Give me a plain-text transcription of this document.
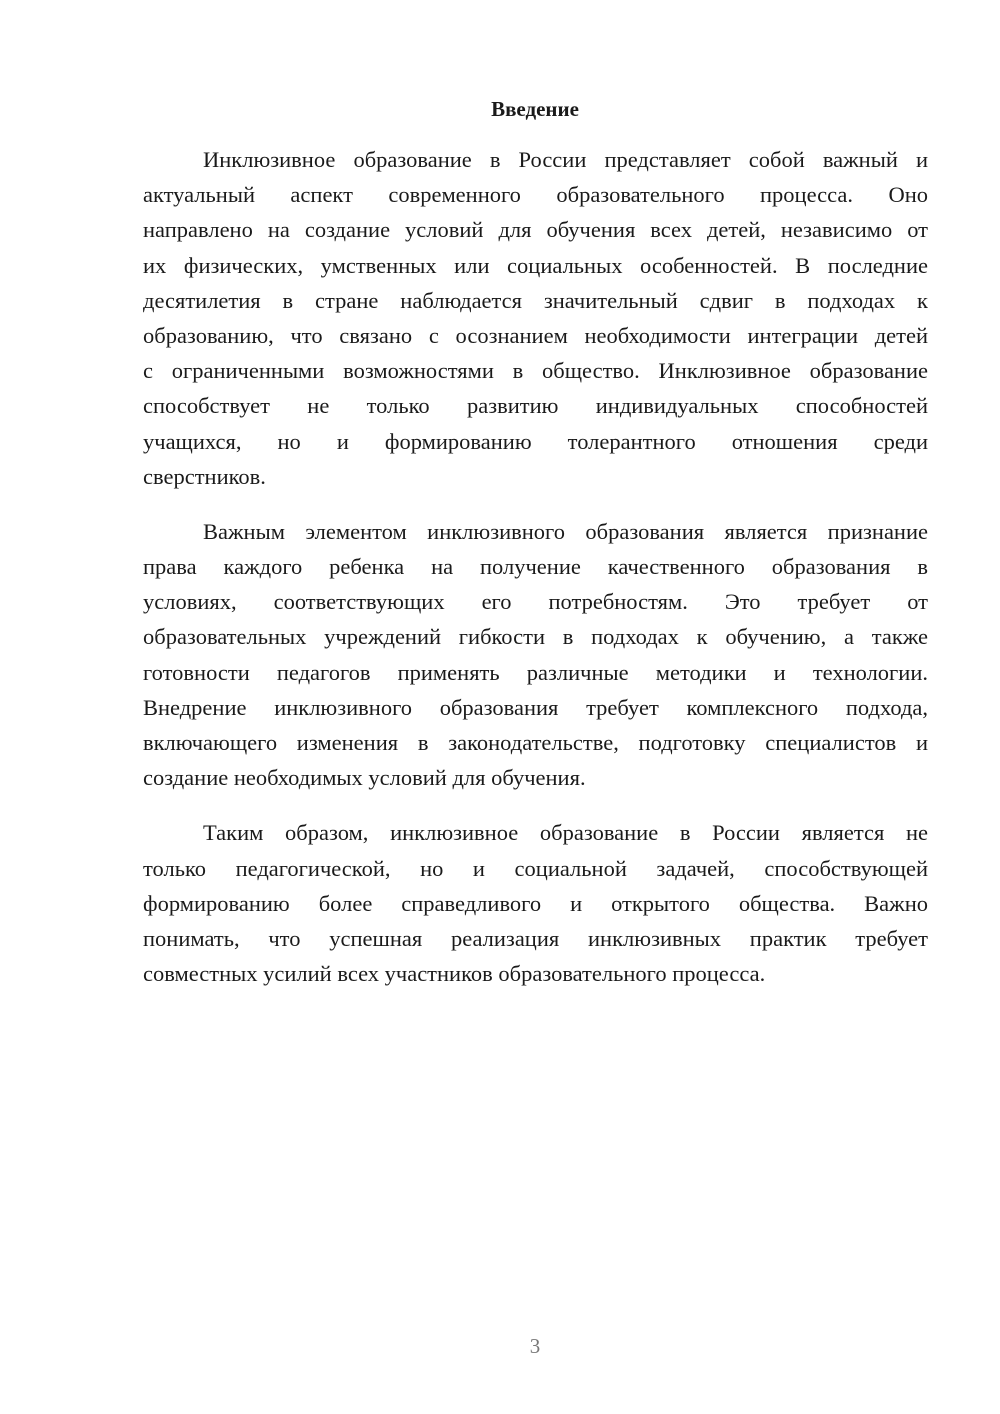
Введение
Инклюзивное образование в России представляет собой важный и
актуальный аспект современного образовательного процесса. Оно
направлено на создание условий для обучения всех детей, независимо от
их физических, умственных или социальных особенностей. В последние
десятилетия в стране наблюдается значительный сдвиг в подходах к
образованию, что связано с осознанием необходимости интеграции детей
с ограниченными возможностями в общество. Инклюзивное образование
способствует не только развитию индивидуальных способностей
учащихся, но и формированию толерантного отношения среди
сверстников.
Важным элементом инклюзивного образования является признание
права каждого ребенка на получение качественного образования в
условиях, соответствующих его потребностям. Это требует от
образовательных учреждений гибкости в подходах к обучению, а также
готовности педагогов применять различные методики и технологии.
Внедрение инклюзивного образования требует комплексного подхода,
включающего изменения в законодательстве, подготовку специалистов и
создание необходимых условий для обучения.
Таким образом, инклюзивное образование в России является не
только педагогической, но и социальной задачей, способствующей
формированию более справедливого и открытого общества. Важно
понимать, что успешная реализация инклюзивных практик требует
совместных усилий всех участников образовательного процесса.
3
